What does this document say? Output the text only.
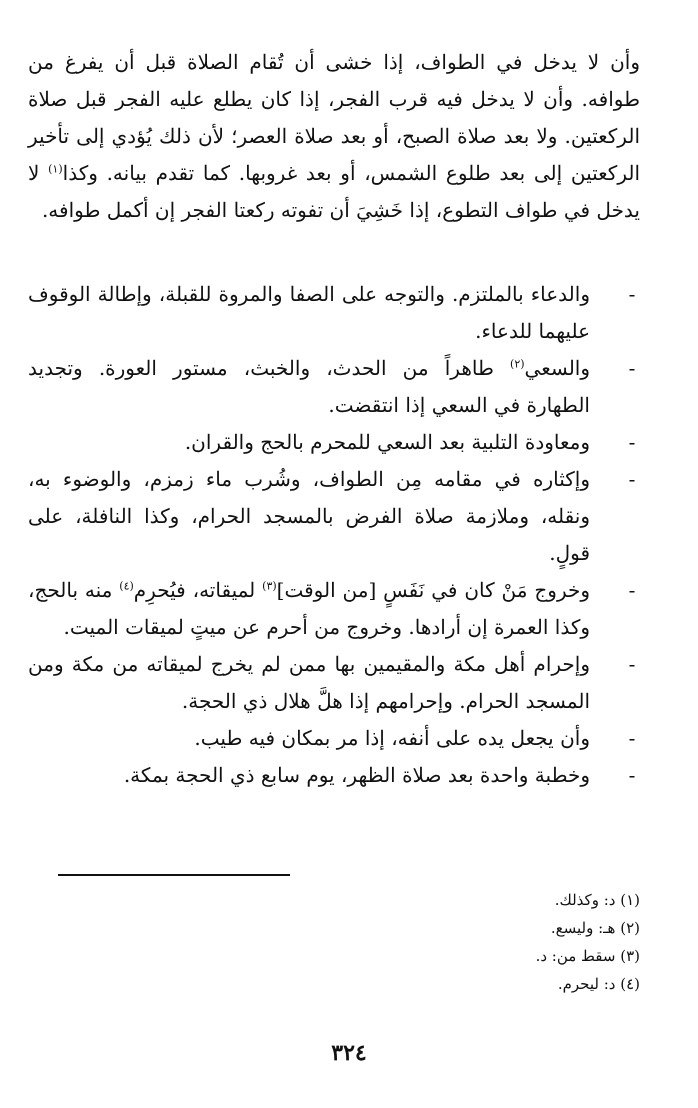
وأن لا يدخل في الطواف، إذا خشى أن تُقام الصلاة قبل أن يفرغ من طوافه. وأن لا يدخل فيه قرب الفجر، إذا كان يطلع عليه الفجر قبل صلاة الركعتين. ولا بعد صلاة الصبح، أو بعد صلاة العصر؛ لأن ذلك يُؤدي إلى تأخير الركعتين إلى بعد طلوع الشمس، أو بعد غروبها. كما تقدم بيانه. وكذا$^{(١)}$ لا يدخل في طواف التطوع، إذا خَشِيَ أن تفوته ركعتا الفجر إن أكمل طوافه.

-
والدعاء بالملتزم. والتوجه على الصفا والمروة للقبلة، وإطالة الوقوف عليهما للدعاء.
-
والسعي$^{(٢)}$ طاهراً من الحدث، والخبث، مستور العورة. وتجديد الطهارة في السعي إذا انتقضت.
-
ومعاودة التلبية بعد السعي للمحرم بالحج والقران.
-
وإكثاره في مقامه مِن الطواف، وشُرب ماء زمزم، والوضوء به، ونقله، وملازمة صلاة الفرض بالمسجد الحرام، وكذا النافلة، على قولٍ.
-
وخروج مَنْ كان في نَفَسٍ [من الوقت]$^{(٣)}$ لميقاته، فيُحرِم$^{(٤)}$ منه بالحج، وكذا العمرة إن أرادها. وخروج من أحرم عن ميتٍ لميقات الميت.
-
وإحرام أهل مكة والمقيمين بها ممن لم يخرج لميقاته من مكة ومن المسجد الحرام. وإحرامهم إذا هلَّ هلال ذي الحجة.
-
وأن يجعل يده على أنفه، إذا مر بمكان فيه طيب.
-
وخطبة واحدة بعد صلاة الظهر، يوم سابع ذي الحجة بمكة.
(١) د: وكذلك.
(٢) هـ: وليسع.
(٣) سقط من: د.
(٤) د: ليحرم.
٣٢٤
